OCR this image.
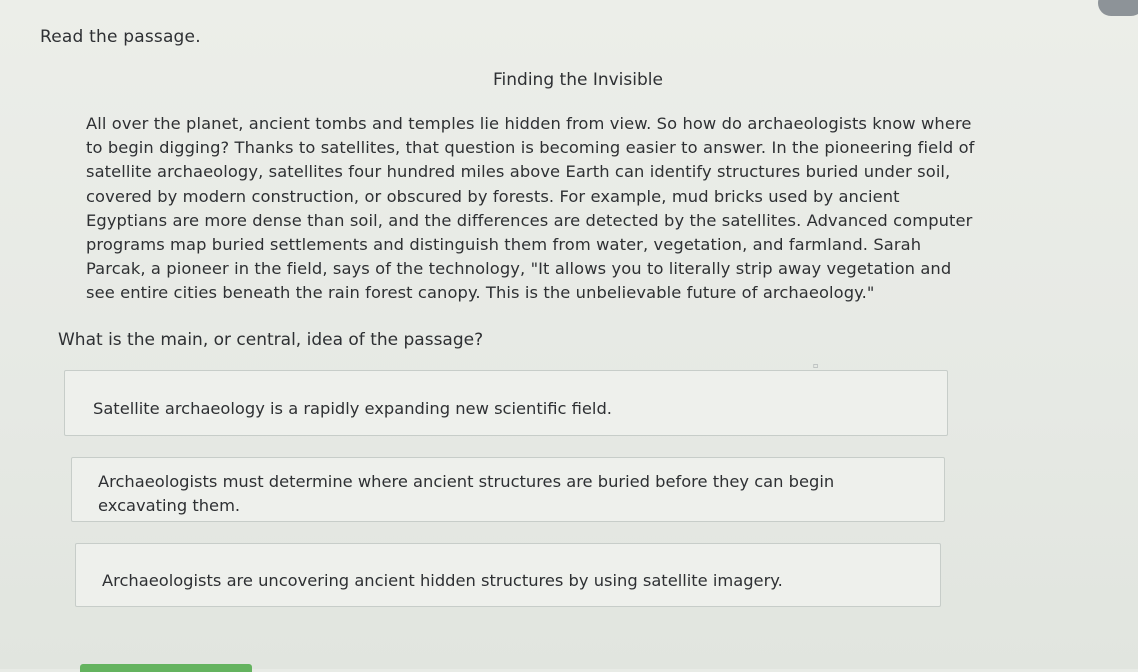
Read the passage.
Finding the Invisible
All over the planet, ancient tombs and temples lie hidden from view. So how do archaeologists know where
to begin digging? Thanks to satellites, that question is becoming easier to answer. In the pioneering field of
satellite archaeology, satellites four hundred miles above Earth can identify structures buried under soil,
covered by modern construction, or obscured by forests. For example, mud bricks used by ancient
Egyptians are more dense than soil, and the differences are detected by the satellites. Advanced computer
programs map buried settlements and distinguish them from water, vegetation, and farmland. Sarah
Parcak, a pioneer in the field, says of the technology, "It allows you to literally strip away vegetation and
see entire cities beneath the rain forest canopy. This is the unbelievable future of archaeology."
What is the main, or central, idea of the passage?
▫
Satellite archaeology is a rapidly expanding new scientific field.
Archaeologists must determine where ancient structures are buried before they can begin
excavating them.
Archaeologists are uncovering ancient hidden structures by using satellite imagery.
